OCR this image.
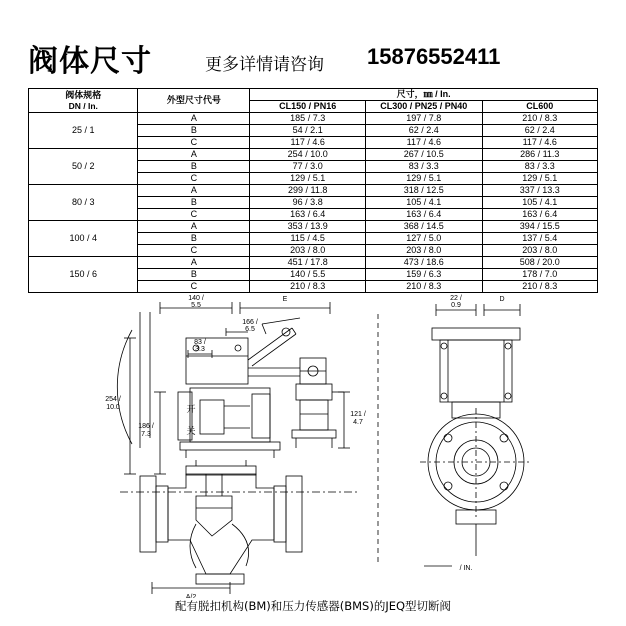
阀体尺寸	更多详情请咨询 15876552411
阀体规格
DN / In.	外型尺寸代号	尺寸，㎜ / In.		
		CL150 / PN16	CL300 / PN25 / PN40	CL600
25 / 1	A	185 / 7.3	197 / 7.8	210 / 8.3
	B	54 / 2.1	62 / 2.4	62 / 2.4
	C	117 / 4.6	117 / 4.6	117 / 4.6
50 / 2	A	254 / 10.0	267 / 10.5	286 / 11.3
	B	77 / 3.0	83 / 3.3	83 / 3.3
	C	129 / 5.1	129 / 5.1	129 / 5.1
80 / 3	A	299 / 11.8	318 / 12.5	337 / 13.3
	B	96 / 3.8	105 / 4.1	105 / 4.1
	C	163 / 6.4	163 / 6.4	163 / 6.4
100 / 4	A	353 / 13.9	368 / 14.5	394 / 15.5
	B	115 / 4.5	127 / 5.0	137 / 5.4
	C	203 / 8.0	203 / 8.0	203 / 8.0
150 / 6	A	451 / 17.8	473 / 18.6	508 / 20.0
	B	140 / 5.5	159 / 6.3	178 / 7.0
	C	210 / 8.3	210 / 8.3	210 / 8.3
140 /
5.5
E
166 /
6.5
83 /
3.3
254 /
10.0
186 /
7.3
121 /
4.7
22 /
0.9
D
开
关
A/2
/ IN.
配有脱扣机构(BM)和压力传感器(BMS)的JEQ型切断阀
